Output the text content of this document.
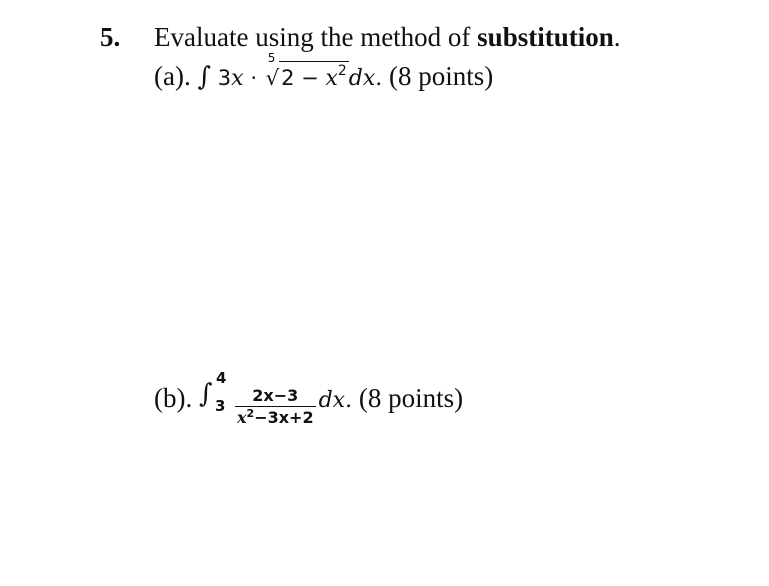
5. Evaluate using the method of substitution.
(a). ∫ 3x ·
5
$√2 - x^2dx$. (8 points)
(b). ∫
4
$3 \frac{2x-3}{x^2-3x+2}$ dx. (8 points)
